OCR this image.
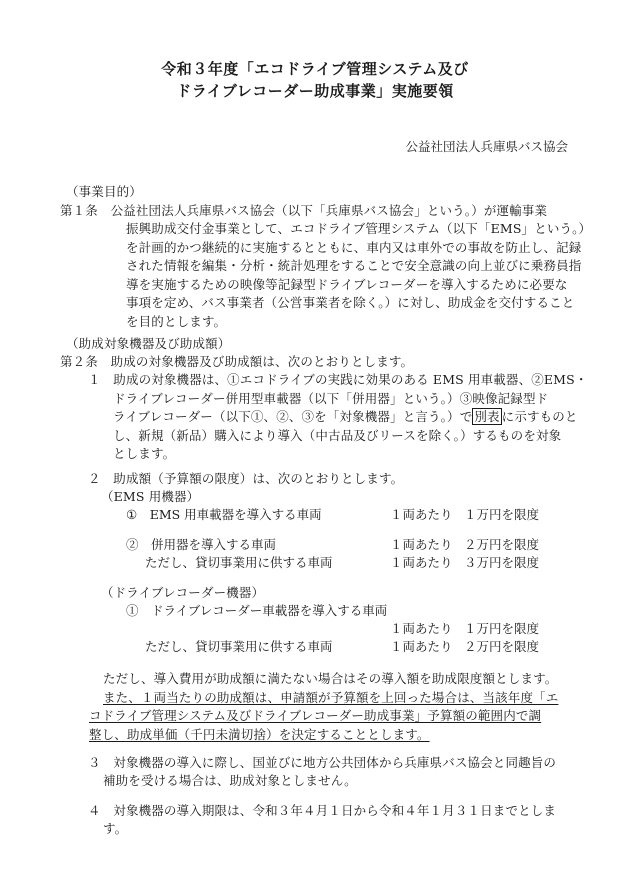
令和３年度「エコドライブ管理システム及び
ドライブレコーダー助成事業」実施要領
公益社団法人兵庫県バス協会
（事業目的）
第１条　公益社団法人兵庫県バス協会（以下「兵庫県バス協会」という。）が運輸事業
振興助成交付金事業として、エコドライブ管理システム（以下「EMS」という。）
を計画的かつ継続的に実施するとともに、車内又は車外での事故を防止し、記録
された情報を編集・分析・統計処理をすることで安全意識の向上並びに乗務員指
導を実施するための映像等記録型ドライブレコーダーを導入するために必要な
事項を定め、バス事業者（公営事業者を除く。）に対し、助成金を交付すること
を目的とします。
（助成対象機器及び助成額）
第２条　助成の対象機器及び助成額は、次のとおりとします。
１　助成の対象機器は、①エコドライブの実践に効果のある EMS 用車載器、②EMS・
ドライブレコーダー併用型車載器（以下「併用器」という。）③映像記録型ド
ライブレコーダー（以下①、②、③を「対象機器」と言う。）で 別表 に示すものと
し、新規（新品）購入により導入（中古品及びリースを除く。）するものを対象
とします。
２　助成額（予算額の限度）は、次のとおりとします。
（EMS 用機器）
①　EMS 用車載器を導入する車両	１両あたり １万円を限度
②　併用器を導入する車両	１両あたり ２万円を限度
ただし、貸切事業用に供する車両	１両あたり ３万円を限度
（ドライブレコーダー機器）
①　ドライブレコーダー車載器を導入する車両
１両あたり １万円を限度
ただし、貸切事業用に供する車両	１両あたり ２万円を限度
ただし、導入費用が助成額に満たない場合はその導入額を助成限度額とします。
また、１両当たりの助成額は、申請額が予算額を上回った場合は、当該年度「エ
コドライブ管理システム及びドライブレコーダー助成事業」予算額の範囲内で調
整し、助成単価（千円未満切捨）を決定することとします。
３　対象機器の導入に際し、国並びに地方公共団体から兵庫県バス協会と同趣旨の
補助を受ける場合は、助成対象としません。
４　対象機器の導入期限は、令和３年４月１日から令和４年１月３１日までとしま
す。
